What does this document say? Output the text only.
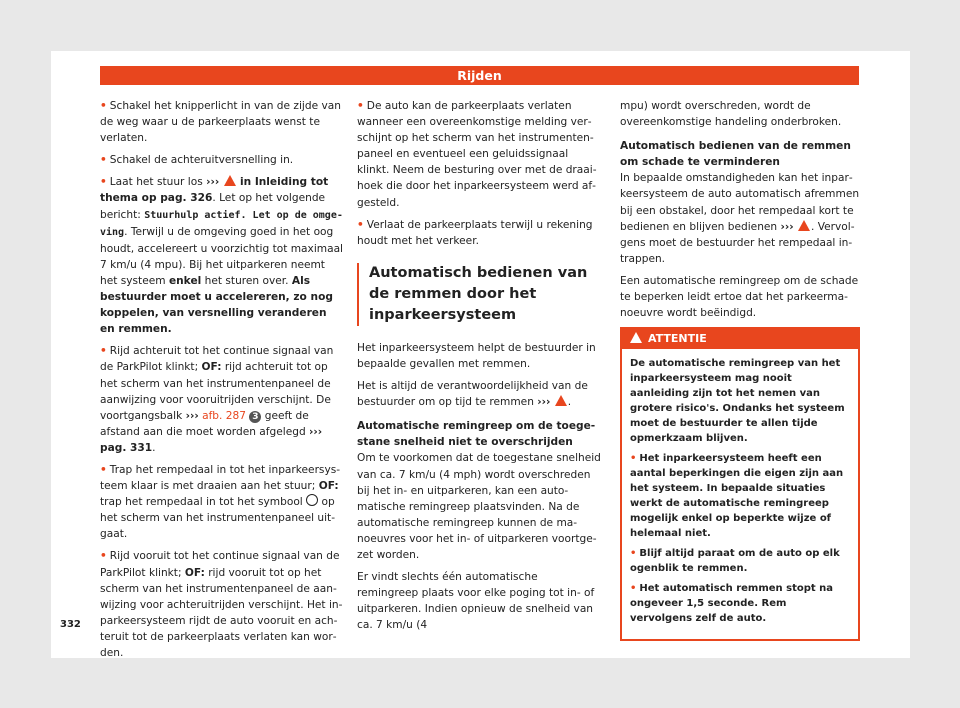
Rijden

• Schakel het knipperlicht in van de zijde van de weg waar u de parkeerplaats wenst te verlaten.

• Schakel de achteruitversnelling in.

• Laat het stuur los ››› in Inleiding tot thema op pag. 326. Let op het volgende bericht: Stuurhulp actief. Let op de omgeving. Terwijl u de omgeving goed in het oog houdt, accelereert u voorzichtig tot maximaal 7 km/u (4 mpu). Bij het uitparkeren neemt het systeem enkel het sturen over. Als bestuurder moet u accelereren, zo nog koppelen, van versnelling veranderen en remmen.

• Rijd achteruit tot het continue signaal van de ParkPilot klinkt; OF: rijd achteruit tot op het scherm van het instrumentenpaneel de aanwijzing voor vooruitrijden verschijnt. De voortgangsbalk ››› afb. 287 3 geeft de afstand aan die moet worden afgelegd ››› pag. 331.

• Trap het rempedaal in tot het inparkeersysteem klaar is met draaien aan het stuur; OF: trap het rempedaal in tot het symbool op het scherm van het instrumentenpaneel uitgaat.

• Rijd vooruit tot het continue signaal van de ParkPilot klinkt; OF: rijd vooruit tot op het scherm van het instrumentenpaneel de aanwijzing voor achteruitrijden verschijnt. Het inparkeersysteem rijdt de auto vooruit en achteruit tot de parkeerplaats verlaten kan worden.

• De auto kan de parkeerplaats verlaten wanneer een overeenkomstige melding verschijnt op het scherm van het instrumentenpaneel en eventueel een geluidssignaal klinkt. Neem de besturing over met de draaihoek die door het inparkeersysteem werd afgesteld.

• Verlaat de parkeerplaats terwijl u rekening houdt met het verkeer.

Automatisch bedienen van de remmen door het inparkeersysteem

Het inparkeersysteem helpt de bestuurder in bepaalde gevallen met remmen.

Het is altijd de verantwoordelijkheid van de bestuurder om op tijd te remmen ››› .

Automatische remingreep om de toegestane snelheid niet te overschrijden

Om te voorkomen dat de toegestane snelheid van ca. 7 km/u (4 mph) wordt overschreden bij het in- en uitparkeren, kan een automatische remingreep plaatsvinden. Na de automatische remingreep kunnen de manoeuvres voor het in- of uitparkeren voortgezet worden.

Er vindt slechts één automatische remingreep plaats voor elke poging tot in- of uitparkeren. Indien opnieuw de snelheid van ca. 7 km/u (4

mpu) wordt overschreden, wordt de overeenkomstige handeling onderbroken.

Automatisch bedienen van de remmen om schade te verminderen

In bepaalde omstandigheden kan het inparkeersysteem de auto automatisch afremmen bij een obstakel, door het rempedaal kort te bedienen en blijven bedienen ››› . Vervolgens moet de bestuurder het rempedaal intrappen.

Een automatische remingreep om de schade te beperken leidt ertoe dat het parkeermanoeuvre wordt beëindigd.

ATTENTIE

De automatische remingreep van het inparkeersysteem mag nooit aanleiding zijn tot het nemen van grotere risico's. Ondanks het systeem moet de bestuurder te allen tijde opmerkzaam blijven.

• Het inparkeersysteem heeft een aantal beperkingen die eigen zijn aan het systeem. In bepaalde situaties werkt de automatische remingreep mogelijk enkel op beperkte wijze of helemaal niet.

• Blijf altijd paraat om de auto op elk ogenblik te remmen.

• Het automatisch remmen stopt na ongeveer 1,5 seconde. Rem vervolgens zelf de auto.

332
